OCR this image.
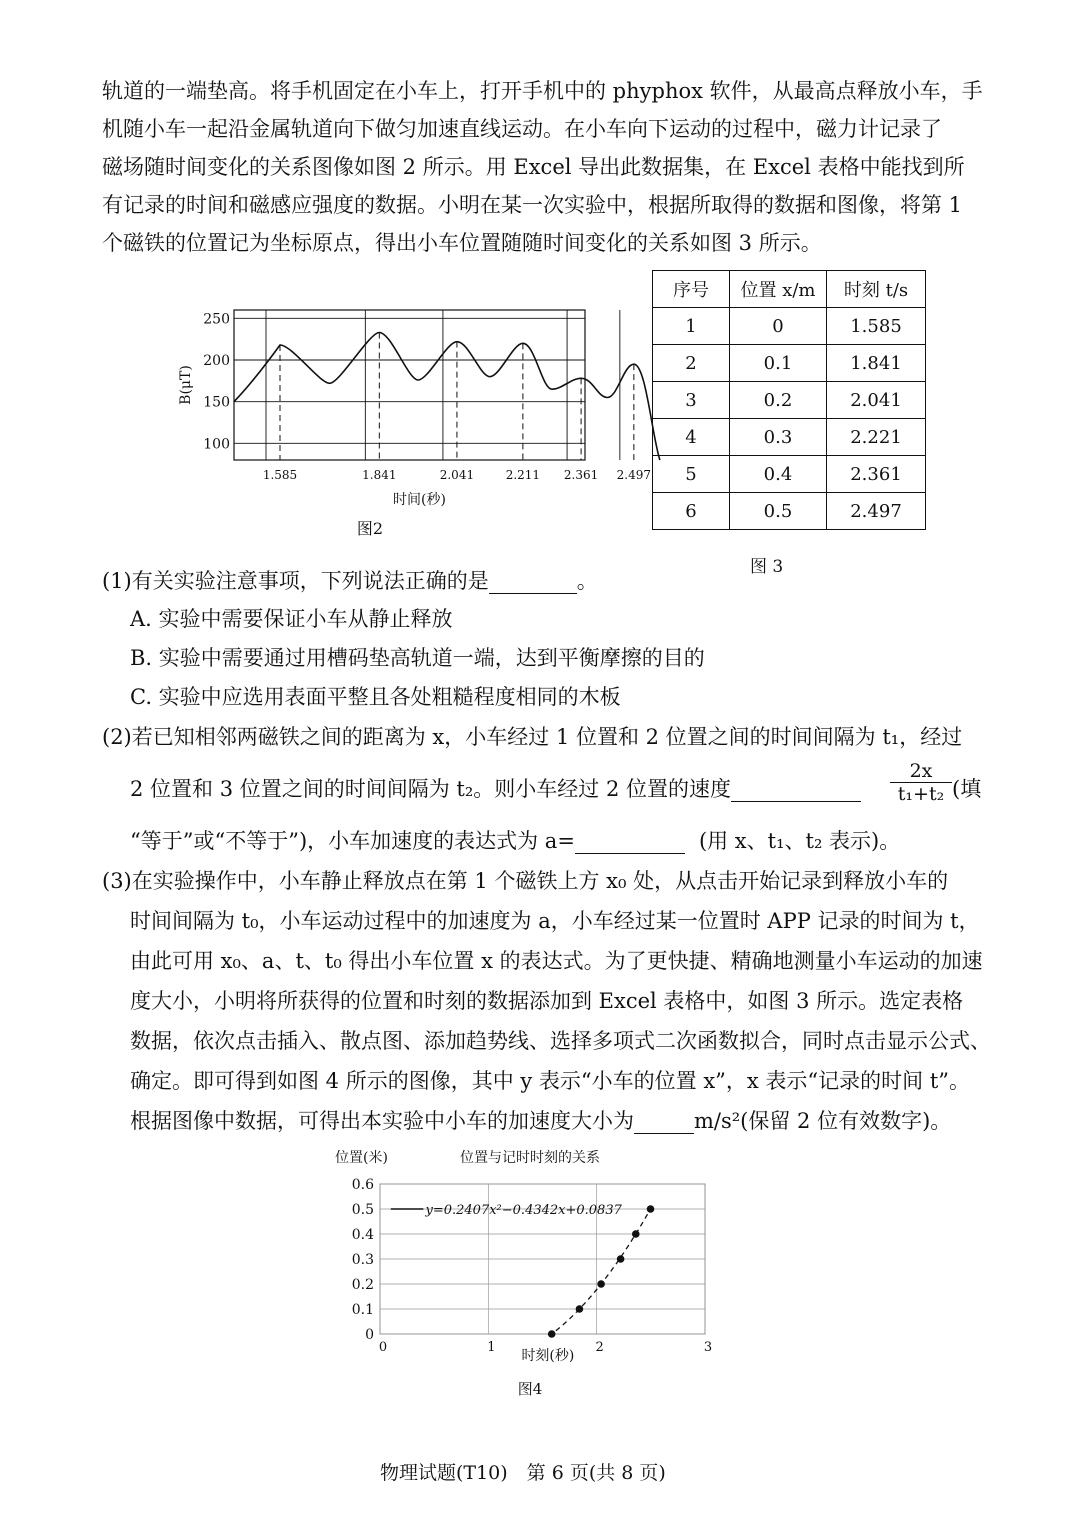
轨道的一端垫高。将手机固定在小车上，打开手机中的 phyphox 软件，从最高点释放小车，手
机随小车一起沿金属轨道向下做匀加速直线运动。在小车向下运动的过程中，磁力计记录了
磁场随时间变化的关系图像如图 2 所示。用 Excel 导出此数据集，在 Excel 表格中能找到所
有记录的时间和磁感应强度的数据。小明在某一次实验中，根据所取得的数据和图像，将第 1
个磁铁的位置记为坐标原点，得出小车位置随随时间变化的关系如图 3 所示。
250
200
150
100
1.585	1.841	2.041	2.211 2.361 2.497
时间(秒)
B(μT)
图2
序号	位置 x/m	时刻 t/s
1	0	1.585
2	0.1	1.841
3	0.2	2.041
4	0.3	2.221
5	0.4	2.361
6	0.5	2.497
图 3
(1)有关实验注意事项，下列说法正确的是	。
A. 实验中需要保证小车从静止释放
B. 实验中需要通过用槽码垫高轨道一端，达到平衡摩擦的目的
C. 实验中应选用表面平整且各处粗糙程度相同的木板
(2)若已知相邻两磁铁之间的距离为 x，小车经过 1 位置和 2 位置之间的时间间隔为 t₁，经过
2 位置和 3 位置之间的时间间隔为 t₂。则小车经过 2 位置的速度	$\frac{2x}{\text{t₁+t₂}}$ (填
“等于”或“不等于”)，小车加速度的表达式为 a=	(用 x、t₁、t₂ 表示)。
(3)在实验操作中，小车静止释放点在第 1 个磁铁上方 x₀ 处，从点击开始记录到释放小车的
时间间隔为 t₀，小车运动过程中的加速度为 a，小车经过某一位置时 APP 记录的时间为 t，
由此可用 x₀、a、t、t₀ 得出小车位置 x 的表达式。为了更快捷、精确地测量小车运动的加速
度大小，小明将所获得的位置和时刻的数据添加到 Excel 表格中，如图 3 所示。选定表格
数据，依次点击插入、散点图、添加趋势线、选择多项式二次函数拟合，同时点击显示公式、
确定。即可得到如图 4 所示的图像，其中 y 表示“小车的位置 x”，x 表示“记录的时间 t”。
根据图像中数据，可得出本实验中小车的加速度大小为	m/s²(保留 2 位有效数字)。
位置(米)	位置与记时时刻的关系
0.6
0.5
0.4
0.3
0.2
0.1
0
0	1	2	3
时刻(秒)
y=0.2407x²−0.4342x+0.0837
图4
物理试题(T10)　第 6 页(共 8 页)
